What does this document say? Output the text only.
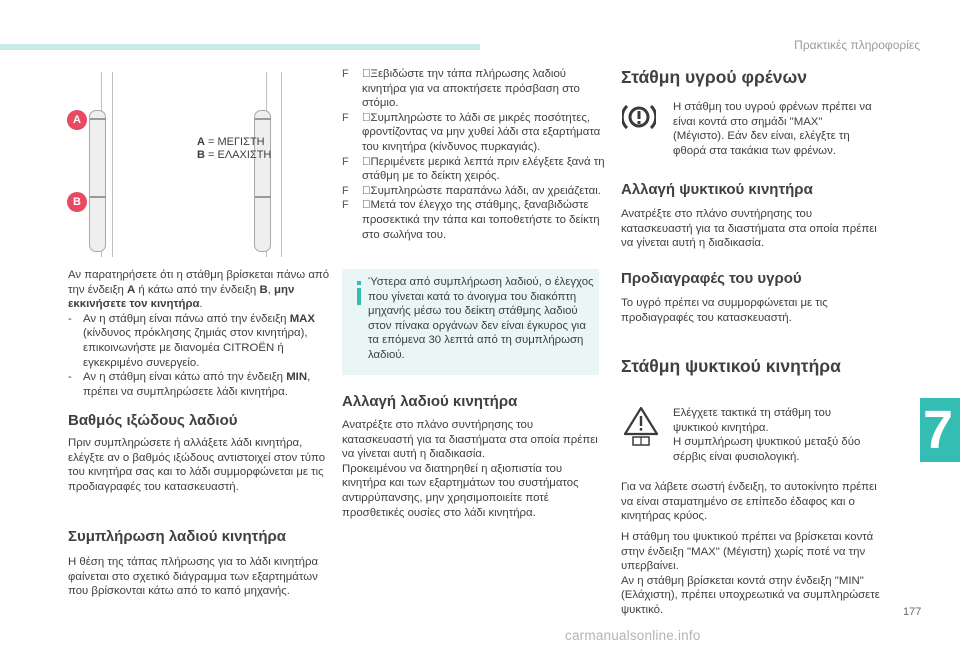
Πρακτικές πληροφορίες
A
B
A = ΜΕΓΙΣΤΗ
B = ΕΛΑΧΙΣΤΗ
Αν παρατηρήσετε ότι η στάθμη βρίσκεται πάνω από την ένδειξη A ή κάτω από την ένδειξη B, μην εκκινήσετε τον κινητήρα.
- Αν η στάθμη είναι πάνω από την ένδειξη MAX (κίνδυνος πρόκλησης ζημιάς στον κινητήρα), επικοινωνήστε με διανομέα CITROËN ή εγκεκριμένο συνεργείο.
- Αν η στάθμη είναι κάτω από την ένδειξη MIN, πρέπει να συμπληρώσετε λάδι κινητήρα.
Βαθμός ιξώδους λαδιού

Πριν συμπληρώσετε ή αλλάξετε λάδι κινητήρα, ελέγξτε αν ο βαθμός ιξώδους αντιστοιχεί στον τύπο του κινητήρα σας και το λάδι συμμορφώνεται με τις προδιαγραφές του κατασκευαστή.

Συμπλήρωση λαδιού κινητήρα

Η θέση της τάπας πλήρωσης για το λάδι κινητήρα φαίνεται στο σχετικό διάγραμμα των εξαρτημάτων που βρίσκονται κάτω από το καπό μηχανής.

F Ξεβιδώστε την τάπα πλήρωσης λαδιού κινητήρα για να αποκτήσετε πρόσβαση στο στόμιο.
F Συμπληρώστε το λάδι σε μικρές ποσότητες, φροντίζοντας να μην χυθεί λάδι στα εξαρτήματα του κινητήρα (κίνδυνος πυρκαγιάς).
F Περιμένετε μερικά λεπτά πριν ελέγξετε ξανά τη στάθμη με το δείκτη χειρός.
F Συμπληρώστε παραπάνω λάδι, αν χρειάζεται.
F Μετά τον έλεγχο της στάθμης, ξαναβιδώστε προσεκτικά την τάπα και τοποθετήστε το δείκτη στο σωλήνα του.
Ύστερα από συμπλήρωση λαδιού, ο έλεγχος που γίνεται κατά το άνοιγμα του διακόπτη μηχανής μέσω του δείκτη στάθμης λαδιού στον πίνακα οργάνων δεν είναι έγκυρος για τα επόμενα 30 λεπτά από τη συμπλήρωση λαδιού.
Αλλαγή λαδιού κινητήρα
Ανατρέξτε στο πλάνο συντήρησης του κατασκευαστή για τα διαστήματα στα οποία πρέπει να γίνεται αυτή η διαδικασία.
Προκειμένου να διατηρηθεί η αξιοπιστία του κινητήρα και των εξαρτημάτων του συστήματος αντιρρύπανσης, μην χρησιμοποιείτε ποτέ προσθετικές ουσίες στο λάδι κινητήρα.
Στάθμη υγρού φρένων

Η στάθμη του υγρού φρένων πρέπει να είναι κοντά στο σημάδι "MAX" (Μέγιστο). Εάν δεν είναι, ελέγξτε τη φθορά στα τακάκια των φρένων.

Αλλαγή ψυκτικού κινητήρα

Ανατρέξτε στο πλάνο συντήρησης του κατασκευαστή για τα διαστήματα στα οποία πρέπει να γίνεται αυτή η διαδικασία.

Προδιαγραφές του υγρού

Το υγρό πρέπει να συμμορφώνεται με τις προδιαγραφές του κατασκευαστή.

Στάθμη ψυκτικού κινητήρα

Ελέγχετε τακτικά τη στάθμη του ψυκτικού κινητήρα.
Η συμπλήρωση ψυκτικού μεταξύ δύο σέρβις είναι φυσιολογική.

Για να λάβετε σωστή ένδειξη, το αυτοκίνητο πρέπει να είναι σταματημένο σε επίπεδο έδαφος και ο κινητήρας κρύος.

Η στάθμη του ψυκτικού πρέπει να βρίσκεται κοντά στην ένδειξη "MAX" (Μέγιστη) χωρίς ποτέ να την υπερβαίνει.
Αν η στάθμη βρίσκεται κοντά στην ένδειξη "MIN" (Ελάχιστη), πρέπει υποχρεωτικά να συμπληρώσετε ψυκτικό.

7
177
carmanualsonline.info
